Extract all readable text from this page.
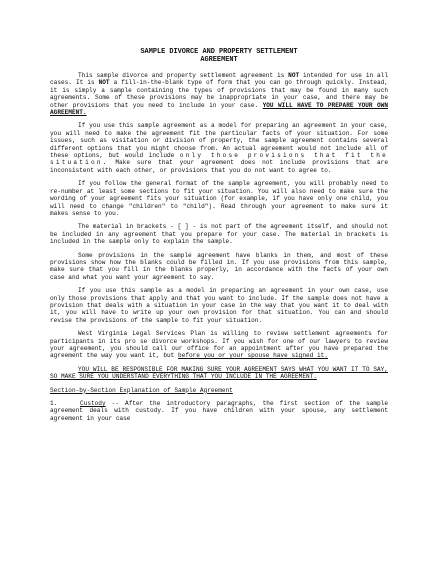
SAMPLE DIVORCE AND PROPERTY SETTLEMENT
AGREEMENT

This sample divorce and property settlement agreement is NOT intended for use in all cases. It is NOT a fill-in-the-blank type of form that you can go through quickly. Instead, it is simply a sample containing the types of provisions that may be found in many such agreements. Some of these provisions may be inappropriate in your case, and there may be other provisions that you need to include in your case. YOU WILL HAVE TO PREPARE YOUR OWN AGREEMENT.

If you use this sample agreement as a model for preparing an agreement in your case, you will need to make the agreement fit the particular facts of your situation. For some issues, such as visitation or division of property, the sample agreement contains several different options that you might choose from. An actual agreement would not include all of these options, but would include only those provisions that fit the situation. Make sure that your agreement does not include provisions that are inconsistent with each other, or provisions that you do not want to agree to.

If you follow the general format of the sample agreement, you will probably need to re-number at least some sections to fit your situation. You will also need to make sure the wording of your agreement fits your situation (for example, if you have only one child, you will need to change "children" to "child"). Read through your agreement to make sure it makes sense to you.

The material in brackets - [ ] - is not part of the agreement itself, and should not be included in any agreement that you prepare for your case. The material in brackets is included in the sample only to explain the sample.

Some provisions in the sample agreement have blanks in them, and most of these provisions show how the blanks could be filled in. If you use provisions from this sample, make sure that you fill in the blanks properly, in accordance with the facts of your own case and what you want your agreement to say.

If you use this sample as a model in preparing an agreement in your own case, use only those provisions that apply and that you want to include. If the sample does not have a provision that deals with a situation in your case in the way that you want it to deal with it, you will have to write up your own provision for that situation. You can and should revise the provisions of the sample to fit your situation.

West Virginia Legal Services Plan is willing to review settlement agreements for participants in its pro se divorce workshops. If you wish for one of our lawyers to review your agreement, you should call our office for an appointment after you have prepared the agreement the way you want it, but before you or your spouse have signed it.

YOU WILL BE RESPONSIBLE FOR MAKING SURE YOUR AGREEMENT SAYS WHAT YOU WANT IT TO SAY, SO MAKE SURE YOU UNDERSTAND EVERYTHING THAT YOU INCLUDE IN THE AGREEMENT.

Section-by-Section Explanation of Sample Agreement

1.	Custody -- After the introductory paragraphs, the first section of the sample agreement deals with custody. If you have children with your spouse, any settlement agreement in your case
